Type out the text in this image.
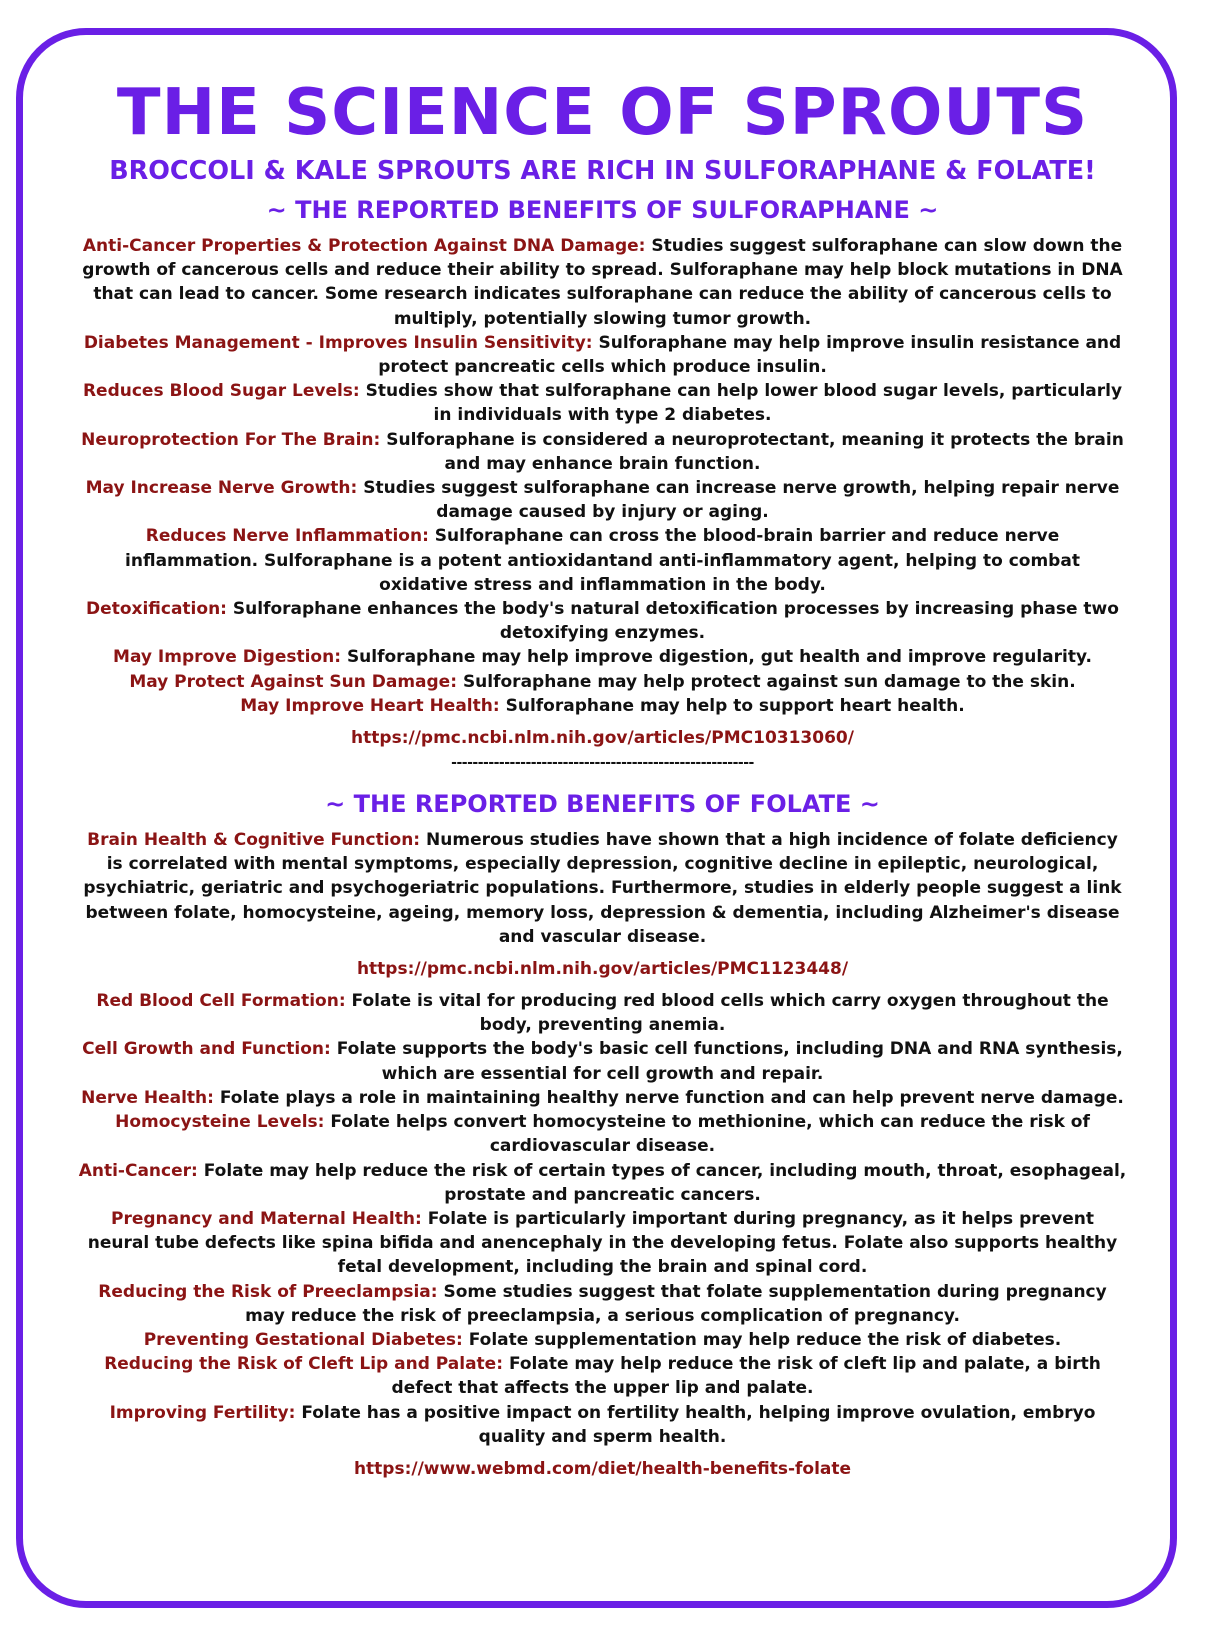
THE SCIENCE OF SPROUTS
BROCCOLI & KALE SPROUTS ARE RICH IN SULFORAPHANE & FOLATE!
~ THE REPORTED BENEFITS OF SULFORAPHANE ~

Anti-Cancer Properties & Protection Against DNA Damage: Studies suggest sulforaphane can slow down the growth of cancerous cells and reduce their ability to spread. Sulforaphane may help block mutations in DNA that can lead to cancer. Some research indicates sulforaphane can reduce the ability of cancerous cells to multiply, potentially slowing tumor growth.

Diabetes Management - Improves Insulin Sensitivity: Sulforaphane may help improve insulin resistance and protect pancreatic cells which produce insulin.

Reduces Blood Sugar Levels: Studies show that sulforaphane can help lower blood sugar levels, particularly in individuals with type 2 diabetes.

Neuroprotection For The Brain: Sulforaphane is considered a neuroprotectant, meaning it protects the brain and may enhance brain function.

May Increase Nerve Growth: Studies suggest sulforaphane can increase nerve growth, helping repair nerve damage caused by injury or aging.

Reduces Nerve Inflammation: Sulforaphane can cross the blood-brain barrier and reduce nerve inflammation. Sulforaphane is a potent antioxidantand anti-inflammatory agent, helping to combat oxidative stress and inflammation in the body.

Detoxification: Sulforaphane enhances the body's natural detoxification processes by increasing phase two detoxifying enzymes.

May Improve Digestion: Sulforaphane may help improve digestion, gut health and improve regularity.

May Protect Against Sun Damage: Sulforaphane may help protect against sun damage to the skin.

May Improve Heart Health: Sulforaphane may help to support heart health.

https://pmc.ncbi.nlm.nih.gov/articles/PMC10313060/
---------------------------------------------------------
~ THE REPORTED BENEFITS OF FOLATE ~

Brain Health & Cognitive Function: Numerous studies have shown that a high incidence of folate deficiency is correlated with mental symptoms, especially depression, cognitive decline in epileptic, neurological, psychiatric, geriatric and psychogeriatric populations. Furthermore, studies in elderly people suggest a link between folate, homocysteine, ageing, memory loss, depression & dementia, including Alzheimer's disease and vascular disease.

https://pmc.ncbi.nlm.nih.gov/articles/PMC1123448/

Red Blood Cell Formation: Folate is vital for producing red blood cells which carry oxygen throughout the body, preventing anemia.

Cell Growth and Function: Folate supports the body's basic cell functions, including DNA and RNA synthesis, which are essential for cell growth and repair.

Nerve Health: Folate plays a role in maintaining healthy nerve function and can help prevent nerve damage.

Homocysteine Levels: Folate helps convert homocysteine to methionine, which can reduce the risk of cardiovascular disease.

Anti-Cancer: Folate may help reduce the risk of certain types of cancer, including mouth, throat, esophageal, prostate and pancreatic cancers.

Pregnancy and Maternal Health: Folate is particularly important during pregnancy, as it helps prevent neural tube defects like spina bifida and anencephaly in the developing fetus. Folate also supports healthy fetal development, including the brain and spinal cord.

Reducing the Risk of Preeclampsia: Some studies suggest that folate supplementation during pregnancy may reduce the risk of preeclampsia, a serious complication of pregnancy.

Preventing Gestational Diabetes: Folate supplementation may help reduce the risk of diabetes.

Reducing the Risk of Cleft Lip and Palate: Folate may help reduce the risk of cleft lip and palate, a birth defect that affects the upper lip and palate.

Improving Fertility: Folate has a positive impact on fertility health, helping improve ovulation, embryo quality and sperm health.

https://www.webmd.com/diet/health-benefits-folate
